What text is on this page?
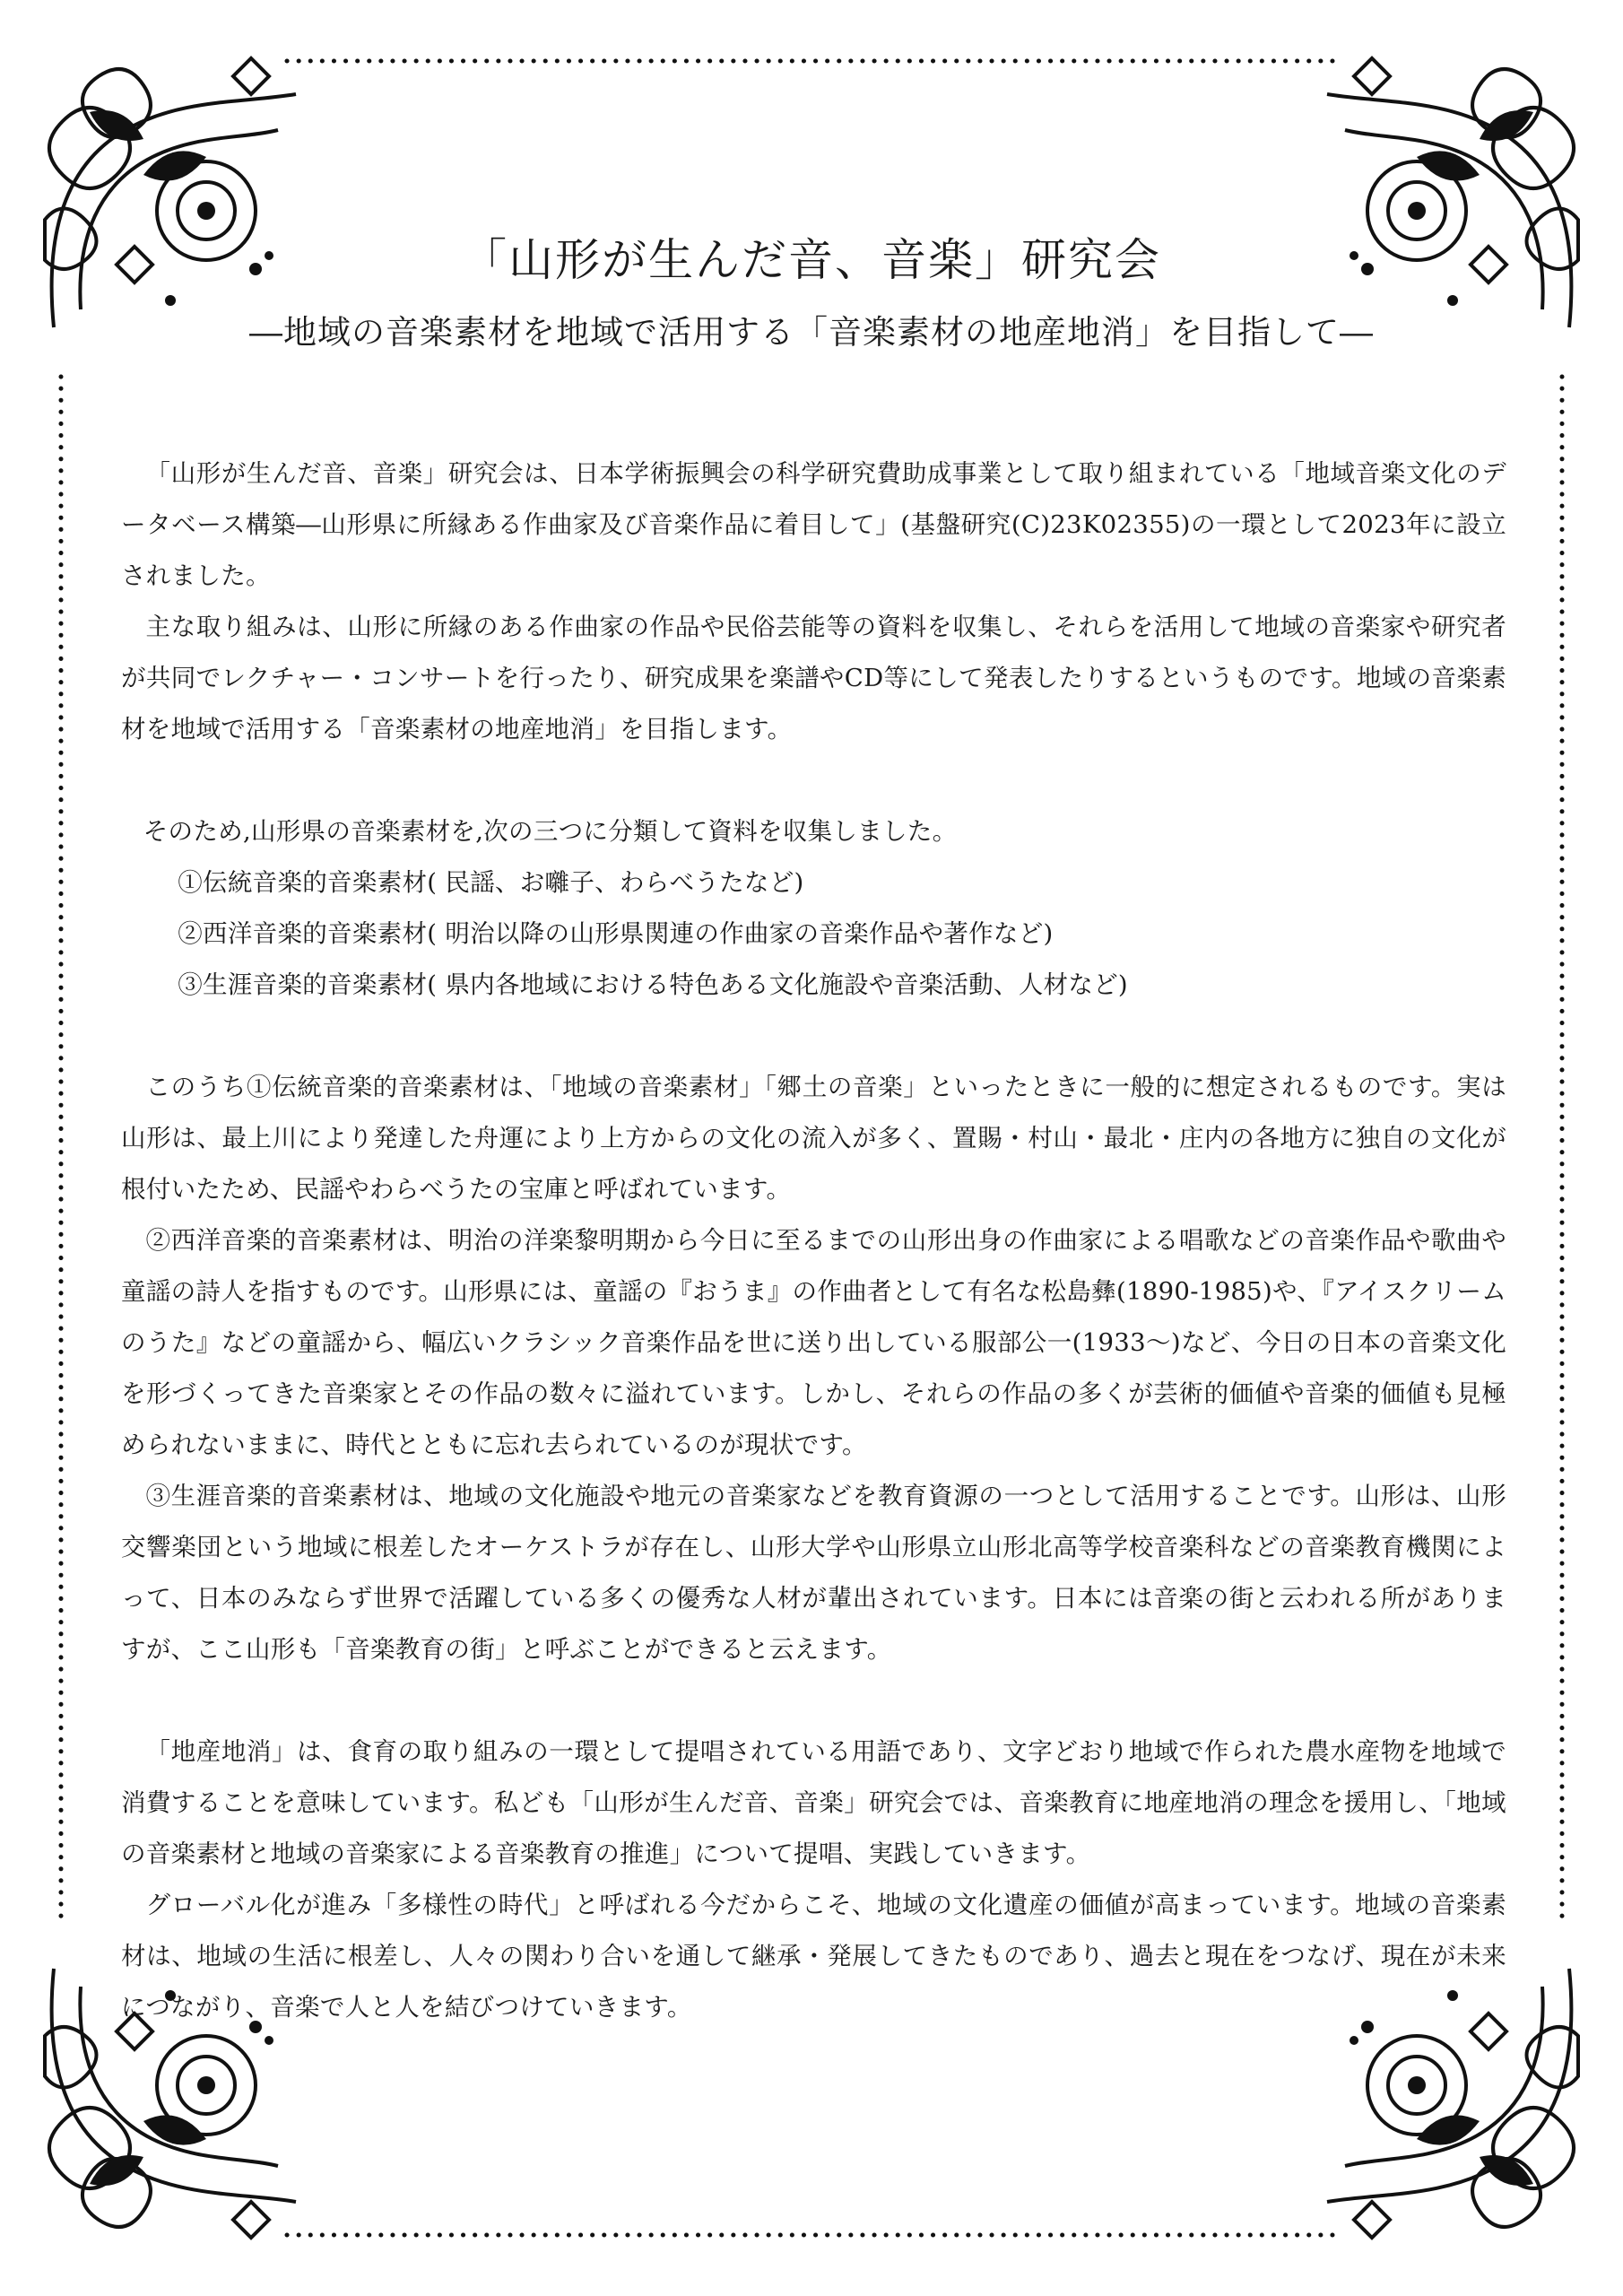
「山形が生んだ音、音楽」研究会
―地域の音楽素材を地域で活用する「音楽素材の地産地消」を目指して―

「山形が生んだ音、音楽」研究会は、日本学術振興会の科学研究費助成事業として取り組まれている「地域音楽文化のデータベース構築―山形県に所縁ある作曲家及び音楽作品に着目して」(基盤研究(C)23K02355)の一環として2023年に設立されました。

主な取り組みは、山形に所縁のある作曲家の作品や民俗芸能等の資料を収集し、それらを活用して地域の音楽家や研究者が共同でレクチャー・コンサートを行ったり、研究成果を楽譜やCD等にして発表したりするというものです。地域の音楽素材を地域で活用する「音楽素材の地産地消」を目指します。

そのため,山形県の音楽素材を,次の三つに分類して資料を収集しました。

①伝統音楽的音楽素材( 民謡、お囃子、わらべうたなど)

②西洋音楽的音楽素材( 明治以降の山形県関連の作曲家の音楽作品や著作など)

③生涯音楽的音楽素材( 県内各地域における特色ある文化施設や音楽活動、人材など)

このうち①伝統音楽的音楽素材は、「地域の音楽素材」「郷土の音楽」といったときに一般的に想定されるものです。実は山形は、最上川により発達した舟運により上方からの文化の流入が多く、置賜・村山・最北・庄内の各地方に独自の文化が根付いたため、民謡やわらべうたの宝庫と呼ばれています。

②西洋音楽的音楽素材は、明治の洋楽黎明期から今日に至るまでの山形出身の作曲家による唱歌などの音楽作品や歌曲や童謡の詩人を指すものです。山形県には、童謡の『おうま』の作曲者として有名な松島彝(1890-1985)や、『アイスクリームのうた』などの童謡から、幅広いクラシック音楽作品を世に送り出している服部公一(1933〜)など、今日の日本の音楽文化を形づくってきた音楽家とその作品の数々に溢れています。しかし、それらの作品の多くが芸術的価値や音楽的価値も見極められないままに、時代とともに忘れ去られているのが現状です。

③生涯音楽的音楽素材は、地域の文化施設や地元の音楽家などを教育資源の一つとして活用することです。山形は、山形交響楽団という地域に根差したオーケストラが存在し、山形大学や山形県立山形北高等学校音楽科などの音楽教育機関によって、日本のみならず世界で活躍している多くの優秀な人材が輩出されています。日本には音楽の街と云われる所がありますが、ここ山形も「音楽教育の街」と呼ぶことができると云えます。

「地産地消」は、食育の取り組みの一環として提唱されている用語であり、文字どおり地域で作られた農水産物を地域で消費することを意味しています。私ども「山形が生んだ音、音楽」研究会では、音楽教育に地産地消の理念を援用し、「地域の音楽素材と地域の音楽家による音楽教育の推進」について提唱、実践していきます。

グローバル化が進み「多様性の時代」と呼ばれる今だからこそ、地域の文化遺産の価値が高まっています。地域の音楽素材は、地域の生活に根差し、人々の関わり合いを通して継承・発展してきたものであり、過去と現在をつなげ、現在が未来につながり、音楽で人と人を結びつけていきます。
